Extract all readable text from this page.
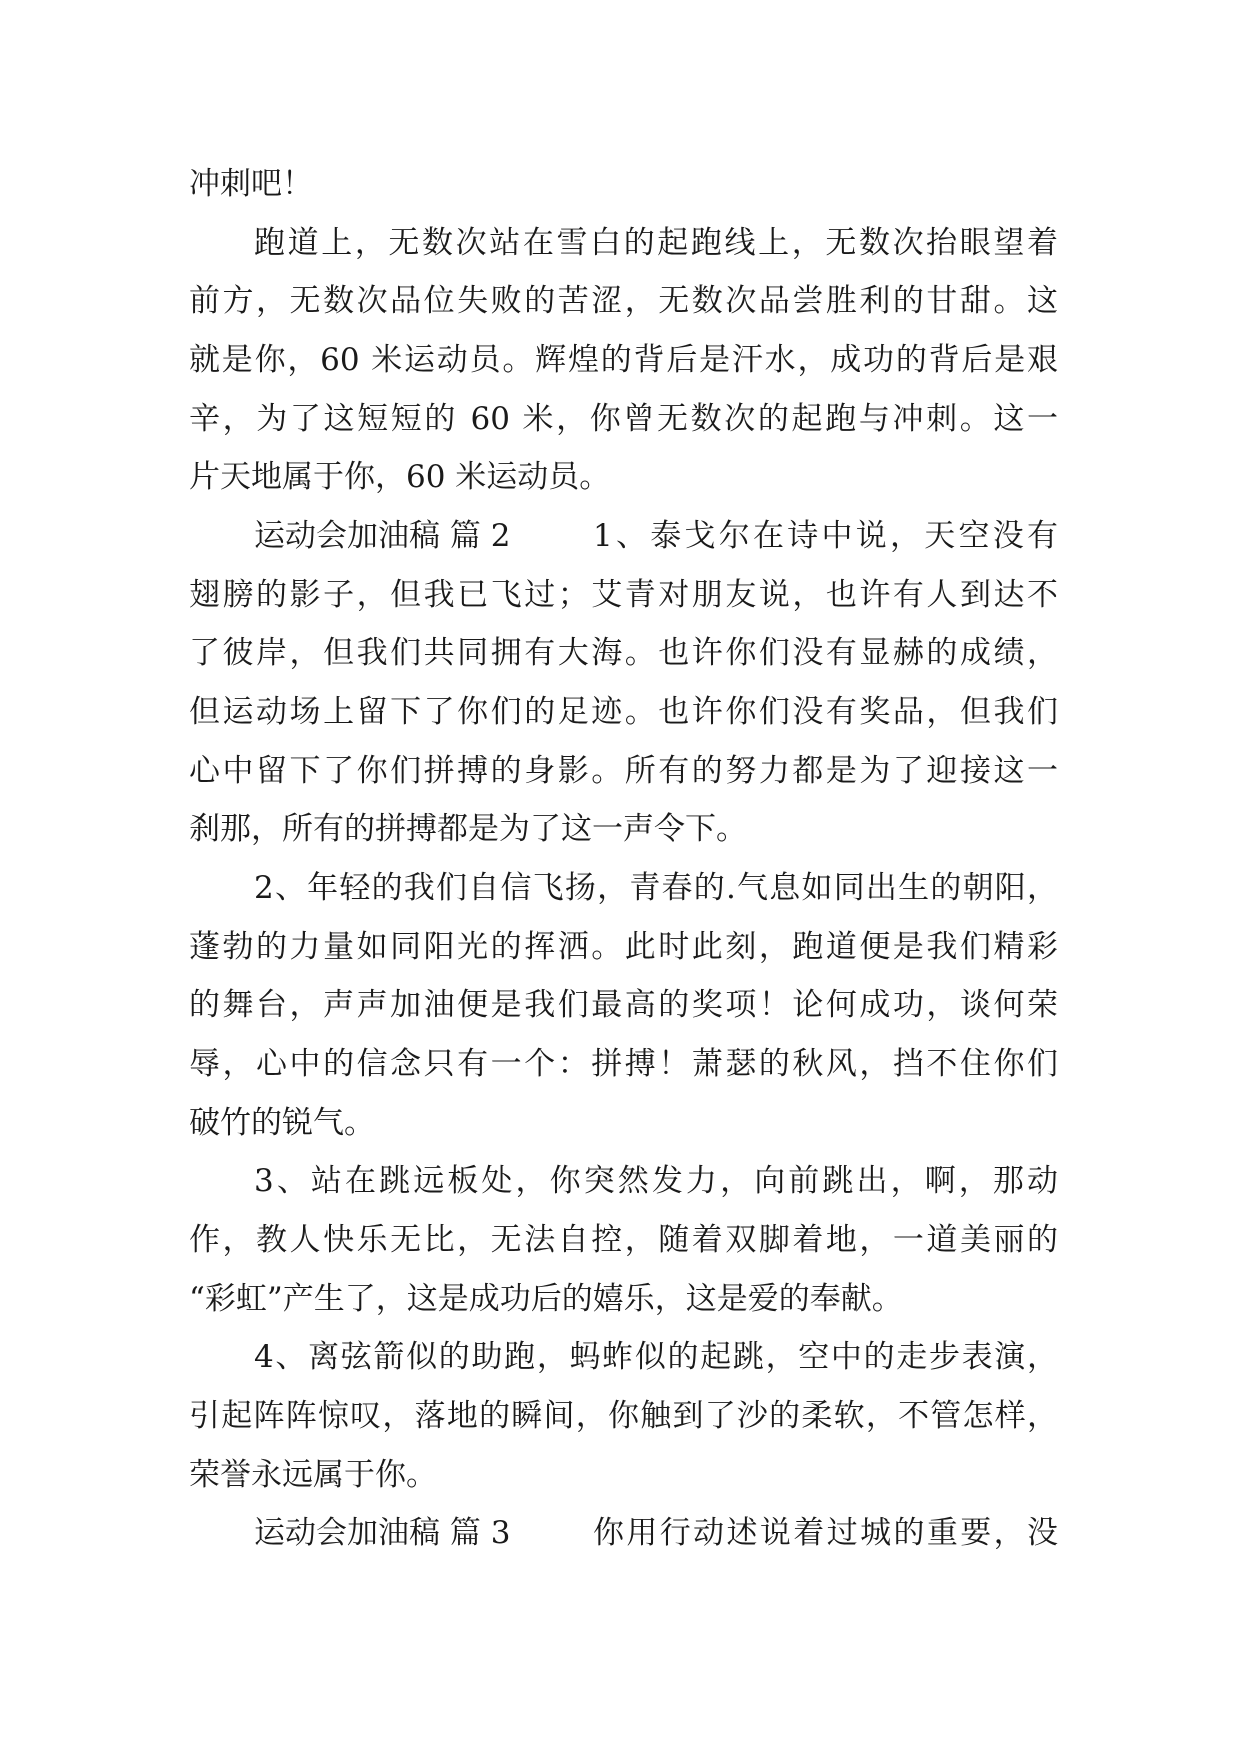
冲刺吧！
跑道上，无数次站在雪白的起跑线上，无数次抬眼望着
前方，无数次品位失败的苦涩，无数次品尝胜利的甘甜。这
就是你，60 米运动员。辉煌的背后是汗水，成功的背后是艰
辛，为了这短短的 60 米，你曾无数次的起跑与冲刺。这一
片天地属于你，60 米运动员。
运动会加油稿 篇 2	1、泰戈尔在诗中说，天空没有
翅膀的影子，但我已飞过；艾青对朋友说，也许有人到达不
了彼岸，但我们共同拥有大海。也许你们没有显赫的成绩，
但运动场上留下了你们的足迹。也许你们没有奖品，但我们
心中留下了你们拼搏的身影。所有的努力都是为了迎接这一
刹那，所有的拼搏都是为了这一声令下。
2、年轻的我们自信飞扬，青春的.气息如同出生的朝阳，
蓬勃的力量如同阳光的挥洒。此时此刻，跑道便是我们精彩
的舞台，声声加油便是我们最高的奖项！论何成功，谈何荣
辱，心中的信念只有一个：拼搏！萧瑟的秋风，挡不住你们
破竹的锐气。
3、站在跳远板处，你突然发力，向前跳出，啊，那动
作，教人快乐无比，无法自控，随着双脚着地，一道美丽的
“彩虹”产生了，这是成功后的嬉乐，这是爱的奉献。
4、离弦箭似的助跑，蚂蚱似的起跳，空中的走步表演，
引起阵阵惊叹，落地的瞬间，你触到了沙的柔软，不管怎样，
荣誉永远属于你。
运动会加油稿 篇 3	你用行动述说着过城的重要，没
